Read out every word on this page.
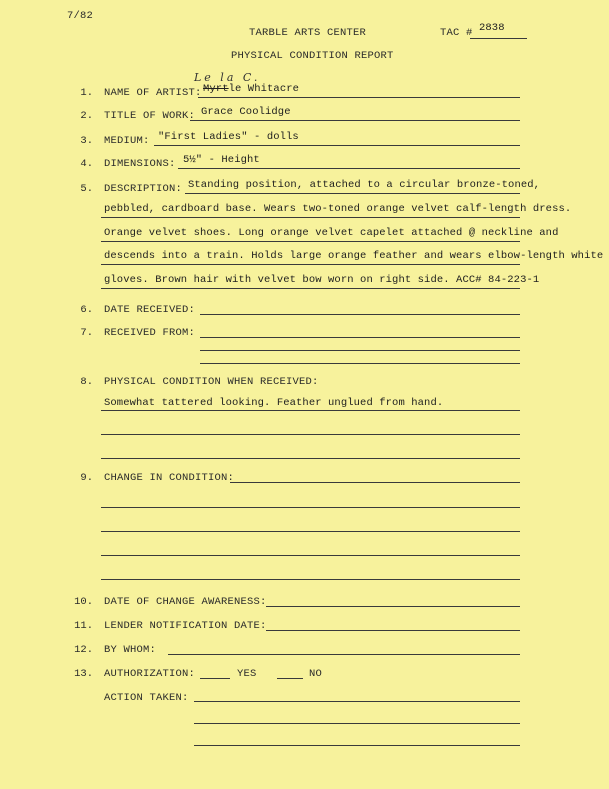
7/82
TARBLE ARTS CENTER	TAC # 2838
PHYSICAL CONDITION REPORT
Le la C.
1. NAME OF ARTIST: Myrtle Whitacre
2. TITLE OF WORK: Grace Coolidge
3. MEDIUM: "First Ladies" - dolls
4. DIMENSIONS: 5½" - Height
5. DESCRIPTION: Standing position, attached to a circular bronze-toned,
pebbled, cardboard base. Wears two-toned orange velvet calf-length dress.
Orange velvet shoes. Long orange velvet capelet attached @ neckline and
descends into a train. Holds large orange feather and wears elbow-length white
gloves. Brown hair with velvet bow worn on right side. ACC# 84-223-1
6. DATE RECEIVED:
7. RECEIVED FROM:
8. PHYSICAL CONDITION WHEN RECEIVED:
Somewhat tattered looking. Feather unglued from hand.
9. CHANGE IN CONDITION:
10. DATE OF CHANGE AWARENESS:
11. LENDER NOTIFICATION DATE:
12. BY WHOM:
13. AUTHORIZATION:	YES	NO
ACTION TAKEN:
